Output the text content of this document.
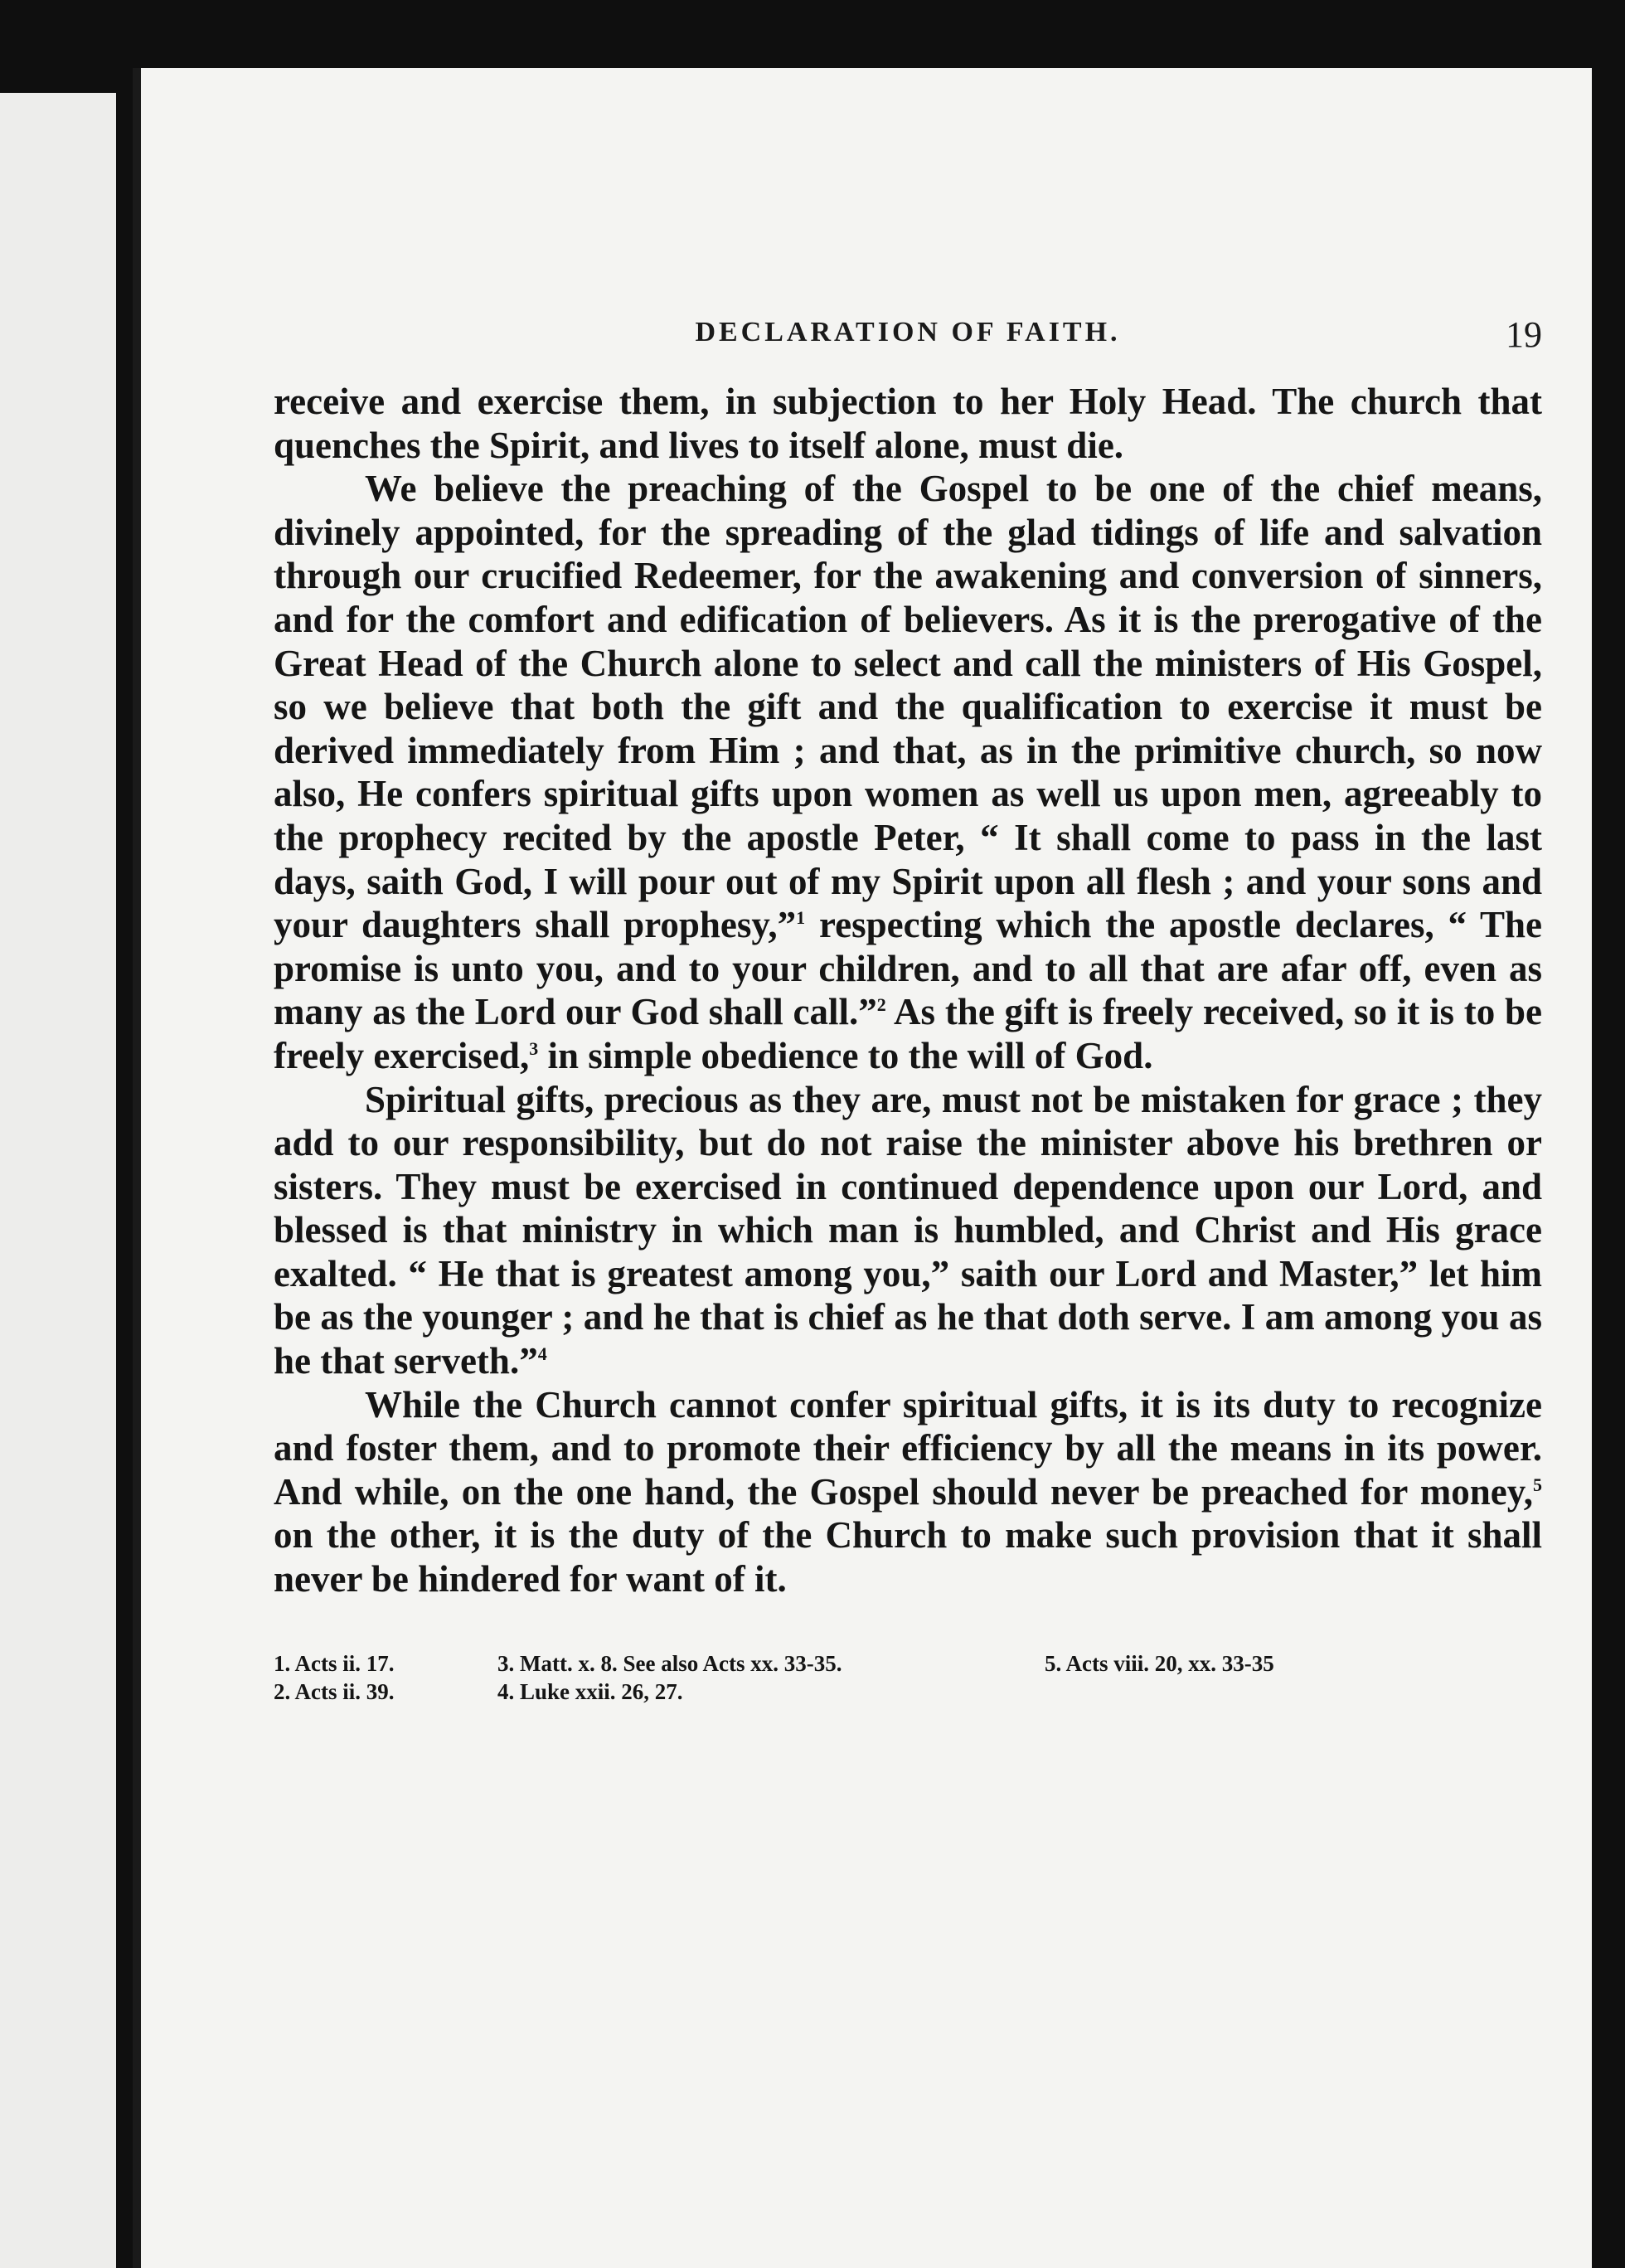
DECLARATION OF FAITH.	19

receive and exercise them, in subjection to her Holy Head. The church that quenches the Spirit, and lives to itself alone, must die.

We believe the preaching of the Gospel to be one of the chief means, divinely appointed, for the spreading of the glad tidings of life and salvation through our crucified Redeemer, for the awakening and conversion of sinners, and for the comfort and edification of believers. As it is the prerogative of the Great Head of the Church alone to select and call the ministers of His Gospel, so we believe that both the gift and the qualification to exercise it must be derived immediately from Him ; and that, as in the primitive church, so now also, He confers spiritual gifts upon women as well us upon men, agreeably to the prophecy recited by the apostle Peter, “ It shall come to pass in the last days, saith God, I will pour out of my Spirit upon all flesh ; and your sons and your daughters shall prophesy,”$^1$ respecting which the apostle declares, “ The promise is unto you, and to your children, and to all that are afar off, even as many as the Lord our God shall call.”$^2$ As the gift is freely received, so it is to be freely exercised,$^3$ in simple obedience to the will of God.

Spiritual gifts, precious as they are, must not be mistaken for grace ; they add to our responsibility, but do not raise the minister above his brethren or sisters. They must be exercised in continued dependence upon our Lord, and blessed is that ministry in which man is humbled, and Christ and His grace exalted. “ He that is greatest among you,” saith our Lord and Master,” let him be as the younger ; and he that is chief as he that doth serve. I am among you as he that serveth.”$^4$

While the Church cannot confer spiritual gifts, it is its duty to recognize and foster them, and to promote their efficiency by all the means in its power. And while, on the one hand, the Gospel should never be preached for money,$^5$ on the other, it is the duty of the Church to make such provision that it shall never be hindered for want of it.

1. Acts ii. 17.	3. Matt. x. 8. See also Acts xx. 33-35.	5. Acts viii. 20, xx. 33-35
2. Acts ii. 39.	4. Luke xxii. 26, 27.
